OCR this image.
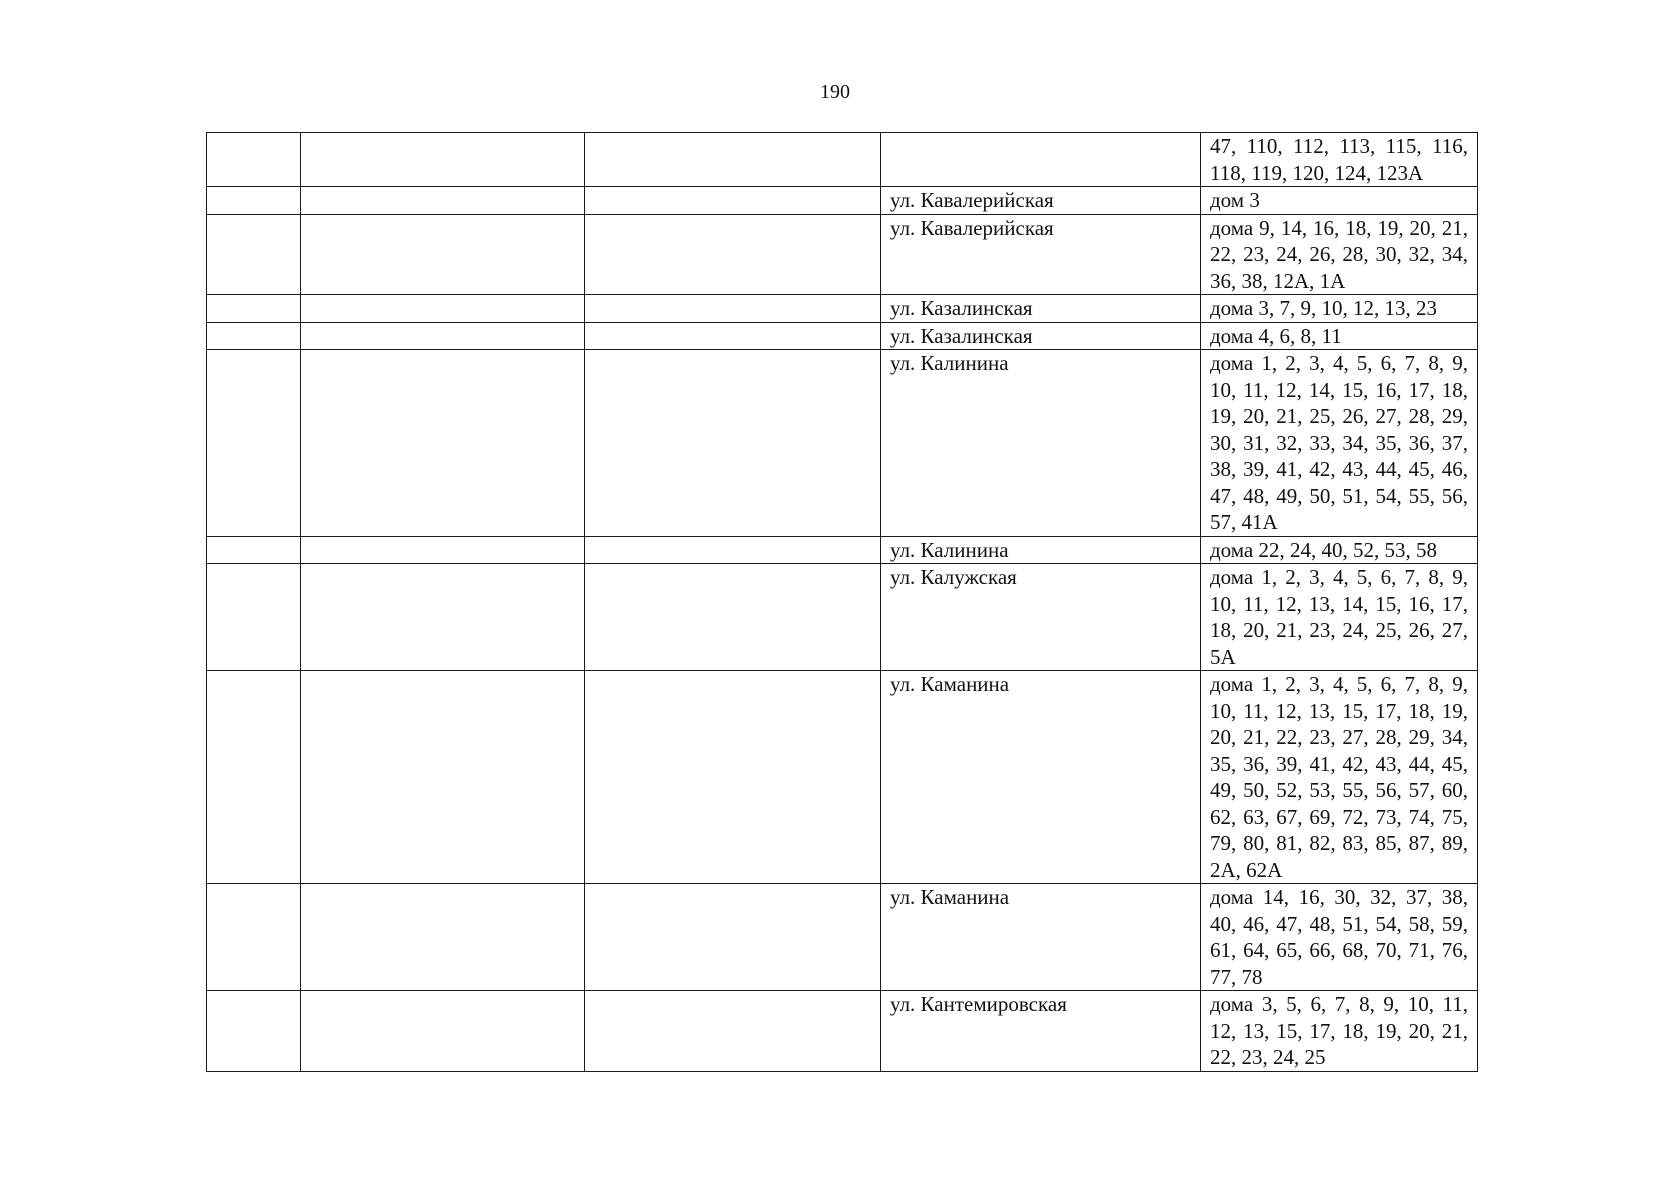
190
				47, 110, 112, 113, 115, 116, 118, 119, 120, 124, 123А
			ул. Кавалерийская	дом 3
			ул. Кавалерийская	дома 9, 14, 16, 18, 19, 20, 21, 22, 23, 24, 26, 28, 30, 32, 34, 36, 38, 12А, 1А
			ул. Казалинская	дома 3, 7, 9, 10, 12, 13, 23
			ул. Казалинская	дома 4, 6, 8, 11
			ул. Калинина	дома 1, 2, 3, 4, 5, 6, 7, 8, 9, 10, 11, 12, 14, 15, 16, 17, 18, 19, 20, 21, 25, 26, 27, 28, 29, 30, 31, 32, 33, 34, 35, 36, 37, 38, 39, 41, 42, 43, 44, 45, 46, 47, 48, 49, 50, 51, 54, 55, 56, 57, 41А
			ул. Калинина	дома 22, 24, 40, 52, 53, 58
			ул. Калужская	дома 1, 2, 3, 4, 5, 6, 7, 8, 9, 10, 11, 12, 13, 14, 15, 16, 17, 18, 20, 21, 23, 24, 25, 26, 27, 5А
			ул. Каманина	дома 1, 2, 3, 4, 5, 6, 7, 8, 9, 10, 11, 12, 13, 15, 17, 18, 19, 20, 21, 22, 23, 27, 28, 29, 34, 35, 36, 39, 41, 42, 43, 44, 45, 49, 50, 52, 53, 55, 56, 57, 60, 62, 63, 67, 69, 72, 73, 74, 75, 79, 80, 81, 82, 83, 85, 87, 89, 2А, 62А
			ул. Каманина	дома 14, 16, 30, 32, 37, 38, 40, 46, 47, 48, 51, 54, 58, 59, 61, 64, 65, 66, 68, 70, 71, 76, 77, 78
			ул. Кантемировская	дома 3, 5, 6, 7, 8, 9, 10, 11, 12, 13, 15, 17, 18, 19, 20, 21, 22, 23, 24, 25
